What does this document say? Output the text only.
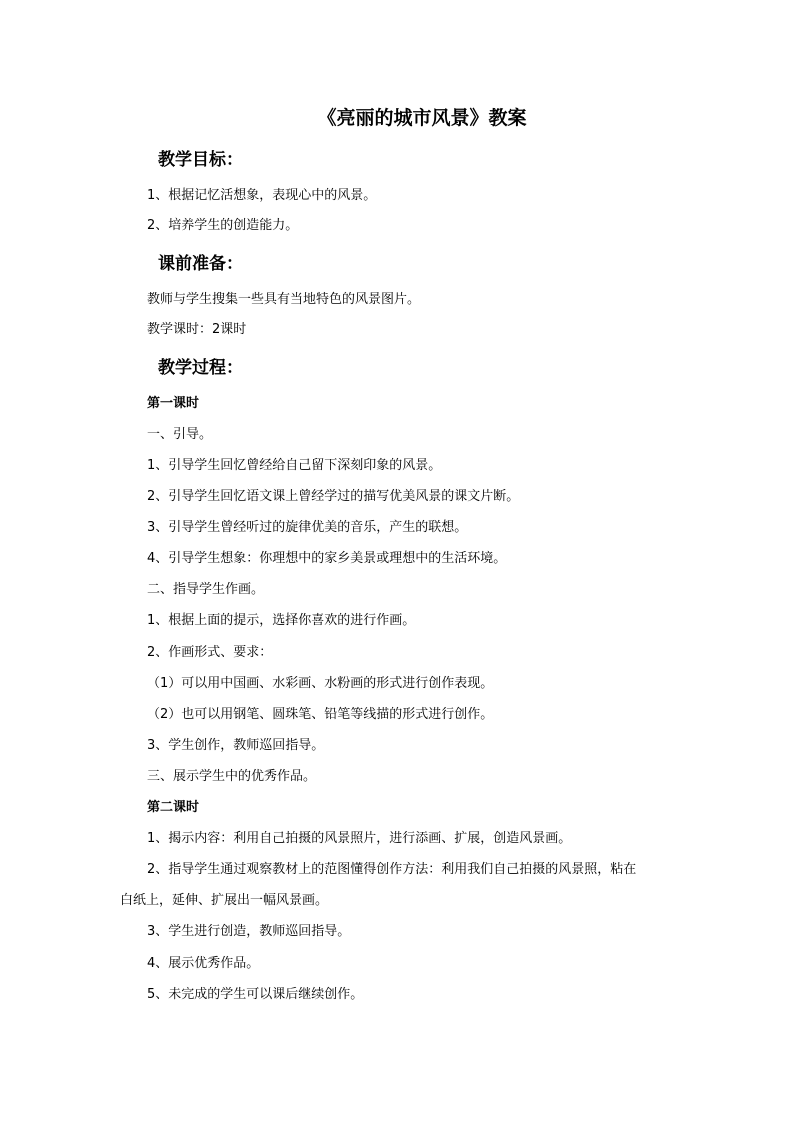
《亮丽的城市风景》教案
教学目标：
1、根据记忆活想象，表现心中的风景。
2、培养学生的创造能力。
课前准备：
教师与学生搜集一些具有当地特色的风景图片。
教学课时：2课时
教学过程：
第一课时
一、引导。
1、引导学生回忆曾经给自己留下深刻印象的风景。
2、引导学生回忆语文课上曾经学过的描写优美风景的课文片断。
3、引导学生曾经听过的旋律优美的音乐，产生的联想。
4、引导学生想象：你理想中的家乡美景或理想中的生活环境。
二、指导学生作画。
1、根据上面的提示，选择你喜欢的进行作画。
2、作画形式、要求：
（1）可以用中国画、水彩画、水粉画的形式进行创作表现。
（2）也可以用钢笔、圆珠笔、铅笔等线描的形式进行创作。
3、学生创作，教师巡回指导。
三、展示学生中的优秀作品。
第二课时
1、揭示内容：利用自己拍摄的风景照片，进行添画、扩展，创造风景画。
2、指导学生通过观察教材上的范图懂得创作方法：利用我们自己拍摄的风景照，粘在
白纸上，延伸、扩展出一幅风景画。
3、学生进行创造，教师巡回指导。
4、展示优秀作品。
5、未完成的学生可以课后继续创作。
